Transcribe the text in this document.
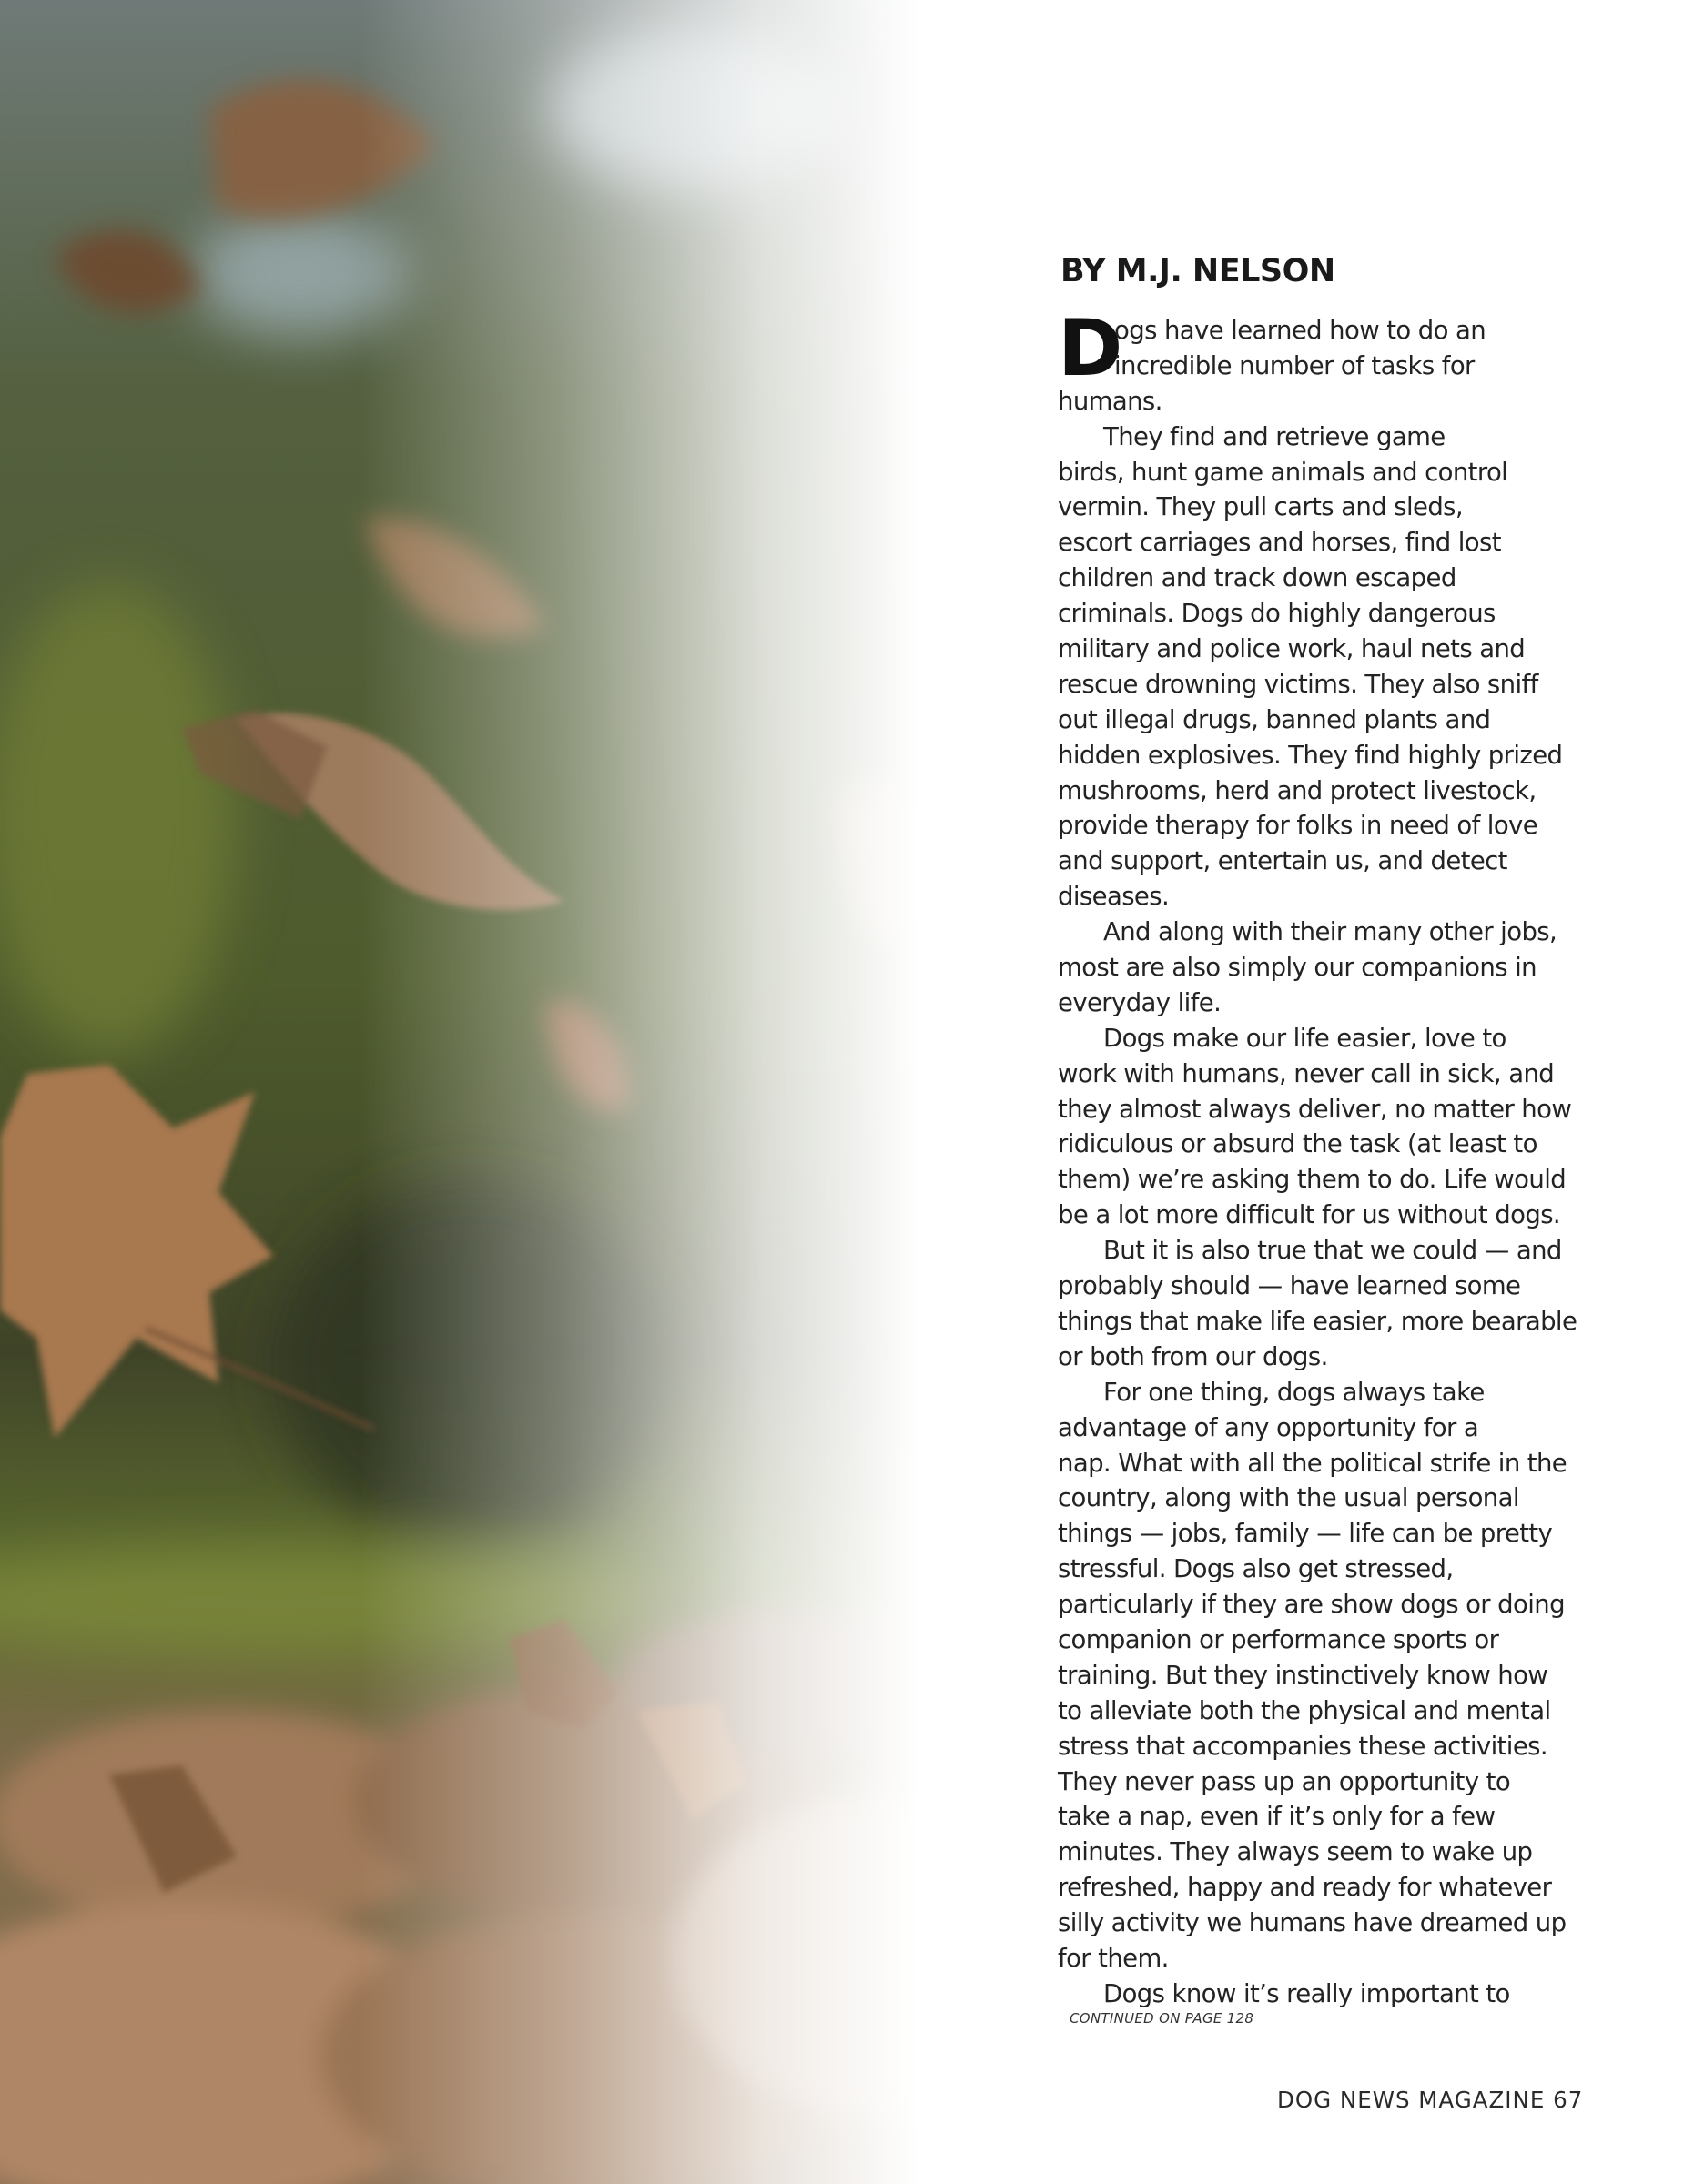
BY M.J. NELSON
D
ogs have learned how to do an
incredible number of tasks for
humans.
They find and retrieve game
birds, hunt game animals and control
vermin. They pull carts and sleds,
escort carriages and horses, find lost
children and track down escaped
criminals. Dogs do highly dangerous
military and police work, haul nets and
rescue drowning victims. They also sniff
out illegal drugs, banned plants and
hidden explosives. They find highly prized
mushrooms, herd and protect livestock,
provide therapy for folks in need of love
and support, entertain us, and detect
diseases.
And along with their many other jobs,
most are also simply our companions in
everyday life.
Dogs make our life easier, love to
work with humans, never call in sick, and
they almost always deliver, no matter how
ridiculous or absurd the task (at least to
them) we’re asking them to do. Life would
be a lot more difficult for us without dogs.
But it is also true that we could — and
probably should — have learned some
things that make life easier, more bearable
or both from our dogs.
For one thing, dogs always take
advantage of any opportunity for a
nap. What with all the political strife in the
country, along with the usual personal
things — jobs, family — life can be pretty
stressful. Dogs also get stressed,
particularly if they are show dogs or doing
companion or performance sports or
training. But they instinctively know how
to alleviate both the physical and mental
stress that accompanies these activities.
They never pass up an opportunity to
take a nap, even if it’s only for a few
minutes. They always seem to wake up
refreshed, happy and ready for whatever
silly activity we humans have dreamed up
for them.
Dogs know it’s really important to
CONTINUED ON PAGE 128
DOG NEWS MAGAZINE 67
